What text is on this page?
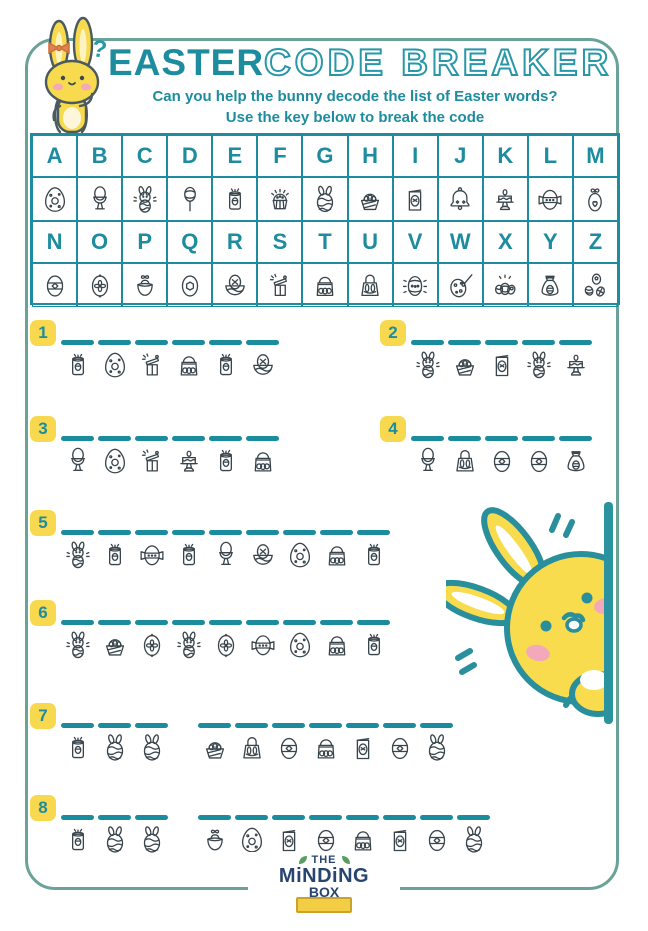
? EASTERCODE BREAKER
Can you help the bunny decode the list of Easter words?
Use the key below to break the code
A	B	C	D	E	F	G	H	I	J	K	L	M
N	O	P	Q	R	S	T	U	V	W	X	Y	Z
1	2
3	4
5
6
7
8
THE
MiNDiNG
BOX
